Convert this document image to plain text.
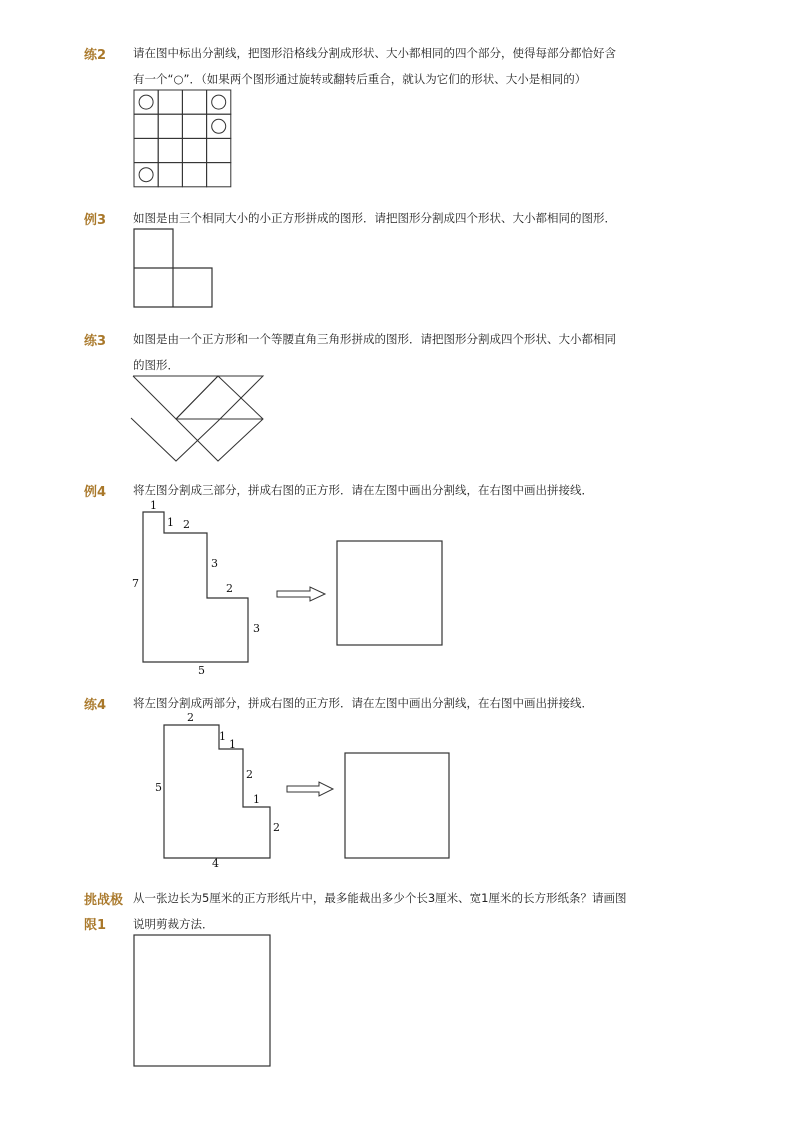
练2 请在图中标出分割线，把图形沿格线分割成形状、大小都相同的四个部分，使得每部分都恰好含
有一个“○”．（如果两个图形通过旋转或翻转后重合，就认为它们的形状、大小是相同的）
1
1 2
3
2
3
5
7
2
1
1
2
1
2
4
5
例3 如图是由三个相同大小的小正方形拼成的图形．请把图形分割成四个形状、大小都相同的图形．
练3 如图是由一个正方形和一个等腰直角三角形拼成的图形．请把图形分割成四个形状、大小都相同
的图形．
例4 将左图分割成三部分，拼成右图的正方形．请在左图中画出分割线，在右图中画出拼接线．
练4 将左图分割成两部分，拼成右图的正方形．请在左图中画出分割线，在右图中画出拼接线．
挑战极
限1
从一张边长为5厘米的正方形纸片中，最多能裁出多少个长3厘米、宽1厘米的长方形纸条？请画图
说明剪裁方法．
